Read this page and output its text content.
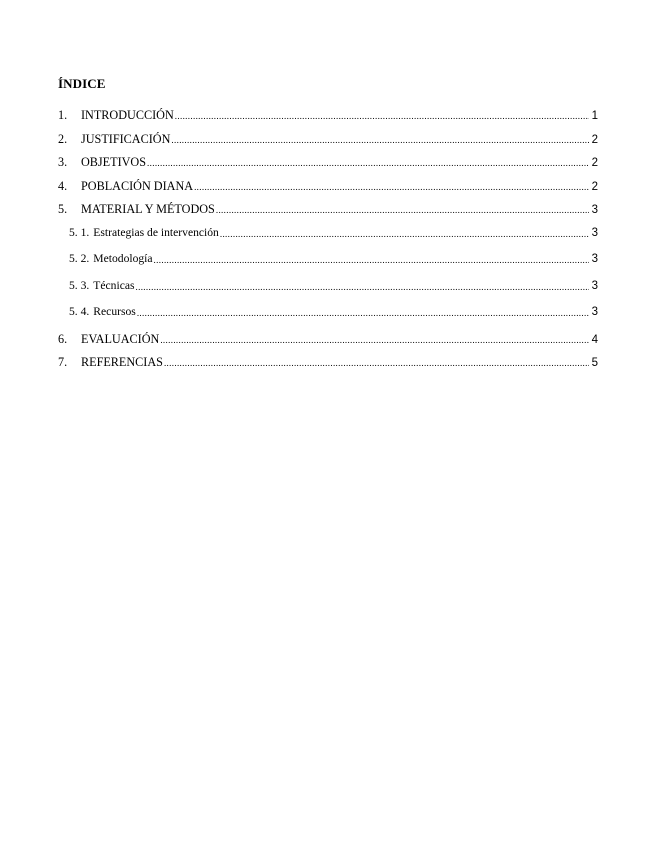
ÍNDICE
1.	INTRODUCCIÓN .....	1
2.	JUSTIFICACIÓN .....	2
3.	OBJETIVOS .....	2
4.	POBLACIÓN DIANA .....	2
5.	MATERIAL Y MÉTODOS .....	3
5. 1. Estrategias de intervención .....	3
5. 2. Metodología .....	3
5. 3. Técnicas .....	3
5. 4. Recursos .....	3
6.	EVALUACIÓN .....	4
7.	REFERENCIAS .....	5
